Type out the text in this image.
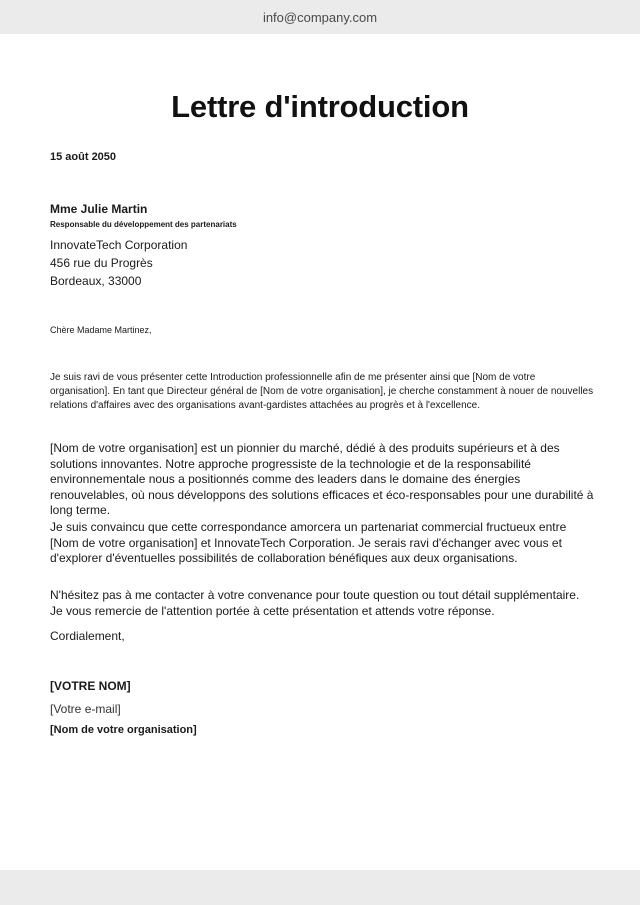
info@company.com
Lettre d'introduction
15 août 2050
Mme Julie Martin
Responsable du développement des partenariats
InnovateTech Corporation
456 rue du Progrès
Bordeaux, 33000
Chère Madame Martinez,

Je suis ravi de vous présenter cette Introduction professionnelle afin de me présenter ainsi que [Nom de votre organisation]. En tant que Directeur général de [Nom de votre organisation], je cherche constamment à nouer de nouvelles relations d'affaires avec des organisations avant-gardistes attachées au progrès et à l'excellence.

[Nom de votre organisation] est un pionnier du marché, dédié à des produits supérieurs et à des solutions innovantes. Notre approche progressiste de la technologie et de la responsabilité environnementale nous a positionnés comme des leaders dans le domaine des énergies renouvelables, où nous développons des solutions efficaces et éco-responsables pour une durabilité à long terme.

Je suis convaincu que cette correspondance amorcera un partenariat commercial fructueux entre [Nom de votre organisation] et InnovateTech Corporation. Je serais ravi d'échanger avec vous et d'explorer d'éventuelles possibilités de collaboration bénéfiques aux deux organisations.

N'hésitez pas à me contacter à votre convenance pour toute question ou tout détail supplémentaire. Je vous remercie de l'attention portée à cette présentation et attends votre réponse.

Cordialement,
[VOTRE NOM]
[Votre e-mail]
[Nom de votre organisation]
